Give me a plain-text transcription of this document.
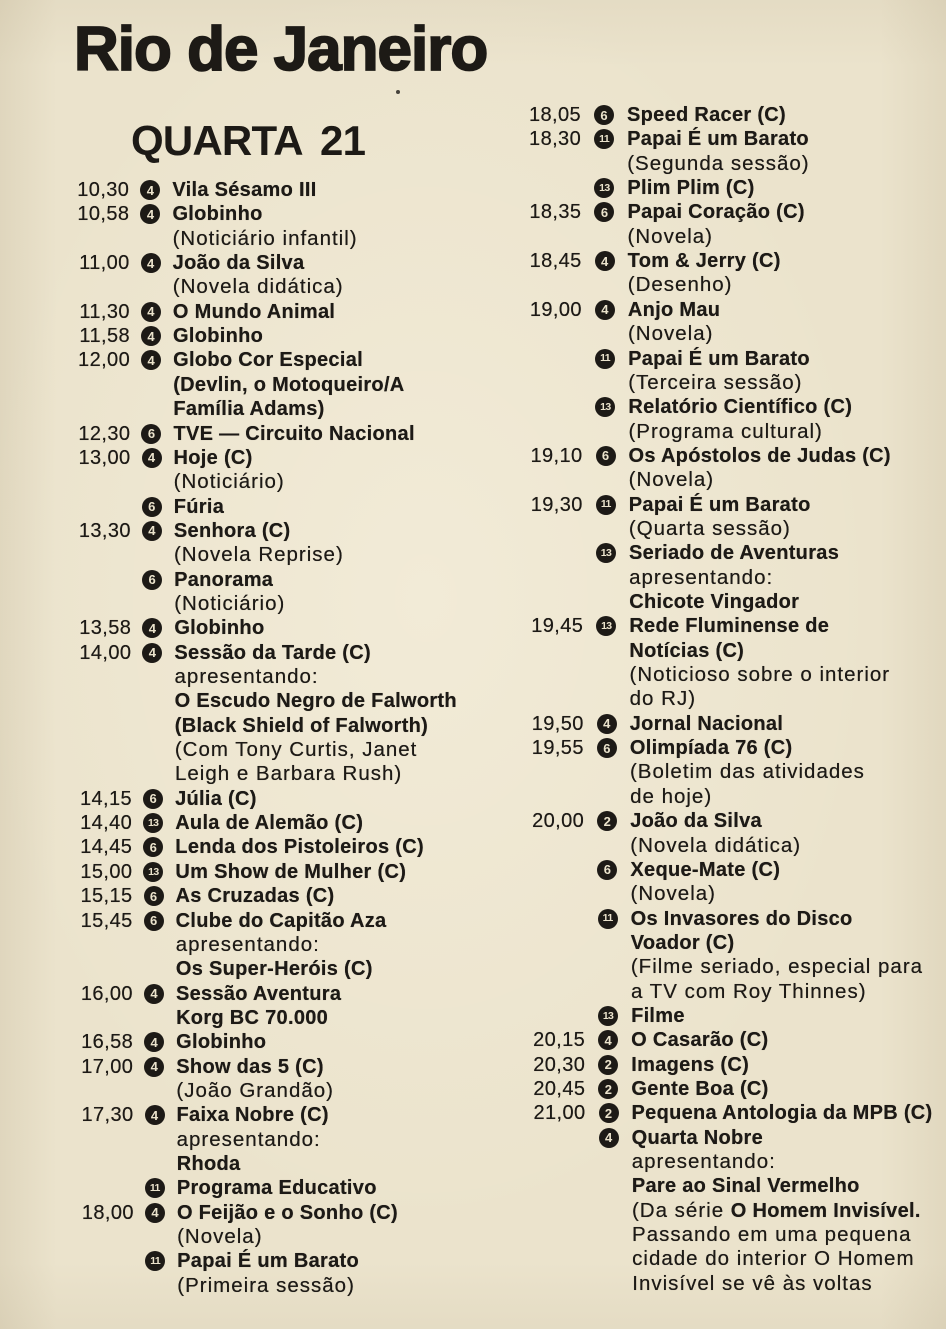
Rio de Janeiro
QUARTA 21
10,30 4 Vila Sésamo III
10,58 4 Globinho
(Noticiário infantil)
11,00 4 João da Silva
(Novela didática)
11,30 4 O Mundo Animal
11,58 4 Globinho
12,00 4 Globo Cor Especial
(Devlin, o Motoqueiro/A
Família Adams)
12,30 6 TVE — Circuito Nacional
13,00 4 Hoje (C)
(Noticiário)
6 Fúria
13,30 4 Senhora (C)
(Novela Reprise)
6 Panorama
(Noticiário)
13,58 4 Globinho
14,00 4 Sessão da Tarde (C)
apresentando:
O Escudo Negro de Falworth
(Black Shield of Falworth)
(Com Tony Curtis, Janet
Leigh e Barbara Rush)
14,15 6 Júlia (C)
14,40 13 Aula de Alemão (C)
14,45 6 Lenda dos Pistoleiros (C)
15,00 13 Um Show de Mulher (C)
15,15 6 As Cruzadas (C)
15,45 6 Clube do Capitão Aza
apresentando:
Os Super-Heróis (C)
16,00 4 Sessão Aventura
Korg BC 70.000
16,58 4 Globinho
17,00 4 Show das 5 (C)
(João Grandão)
17,30 4 Faixa Nobre (C)
apresentando:
Rhoda
11 Programa Educativo
18,00 4 O Feijão e o Sonho (C)
(Novela)
11 Papai É um Barato
(Primeira sessão)
18,05 6 Speed Racer (C)
18,30 11 Papai É um Barato
(Segunda sessão)
13 Plim Plim (C)
18,35 6 Papai Coração (C)
(Novela)
18,45 4 Tom & Jerry (C)
(Desenho)
19,00 4 Anjo Mau
(Novela)
11 Papai É um Barato
(Terceira sessão)
13 Relatório Científico (C)
(Programa cultural)
19,10 6 Os Apóstolos de Judas (C)
(Novela)
19,30 11 Papai É um Barato
(Quarta sessão)
13 Seriado de Aventuras
apresentando:
Chicote Vingador
19,45 13 Rede Fluminense de
Notícias (C)
(Noticioso sobre o interior
do RJ)
19,50 4 Jornal Nacional
19,55 6 Olimpíada 76 (C)
(Boletim das atividades
de hoje)
20,00 2 João da Silva
(Novela didática)
6 Xeque-Mate (C)
(Novela)
11 Os Invasores do Disco
Voador (C)
(Filme seriado, especial para
a TV com Roy Thinnes)
13 Filme
20,15 4 O Casarão (C)
20,30 2 Imagens (C)
20,45 2 Gente Boa (C)
21,00 2 Pequena Antologia da MPB (C)
4 Quarta Nobre
apresentando:
Pare ao Sinal Vermelho
(Da série O Homem Invisível.
Passando em uma pequena
cidade do interior O Homem
Invisível se vê às voltas
